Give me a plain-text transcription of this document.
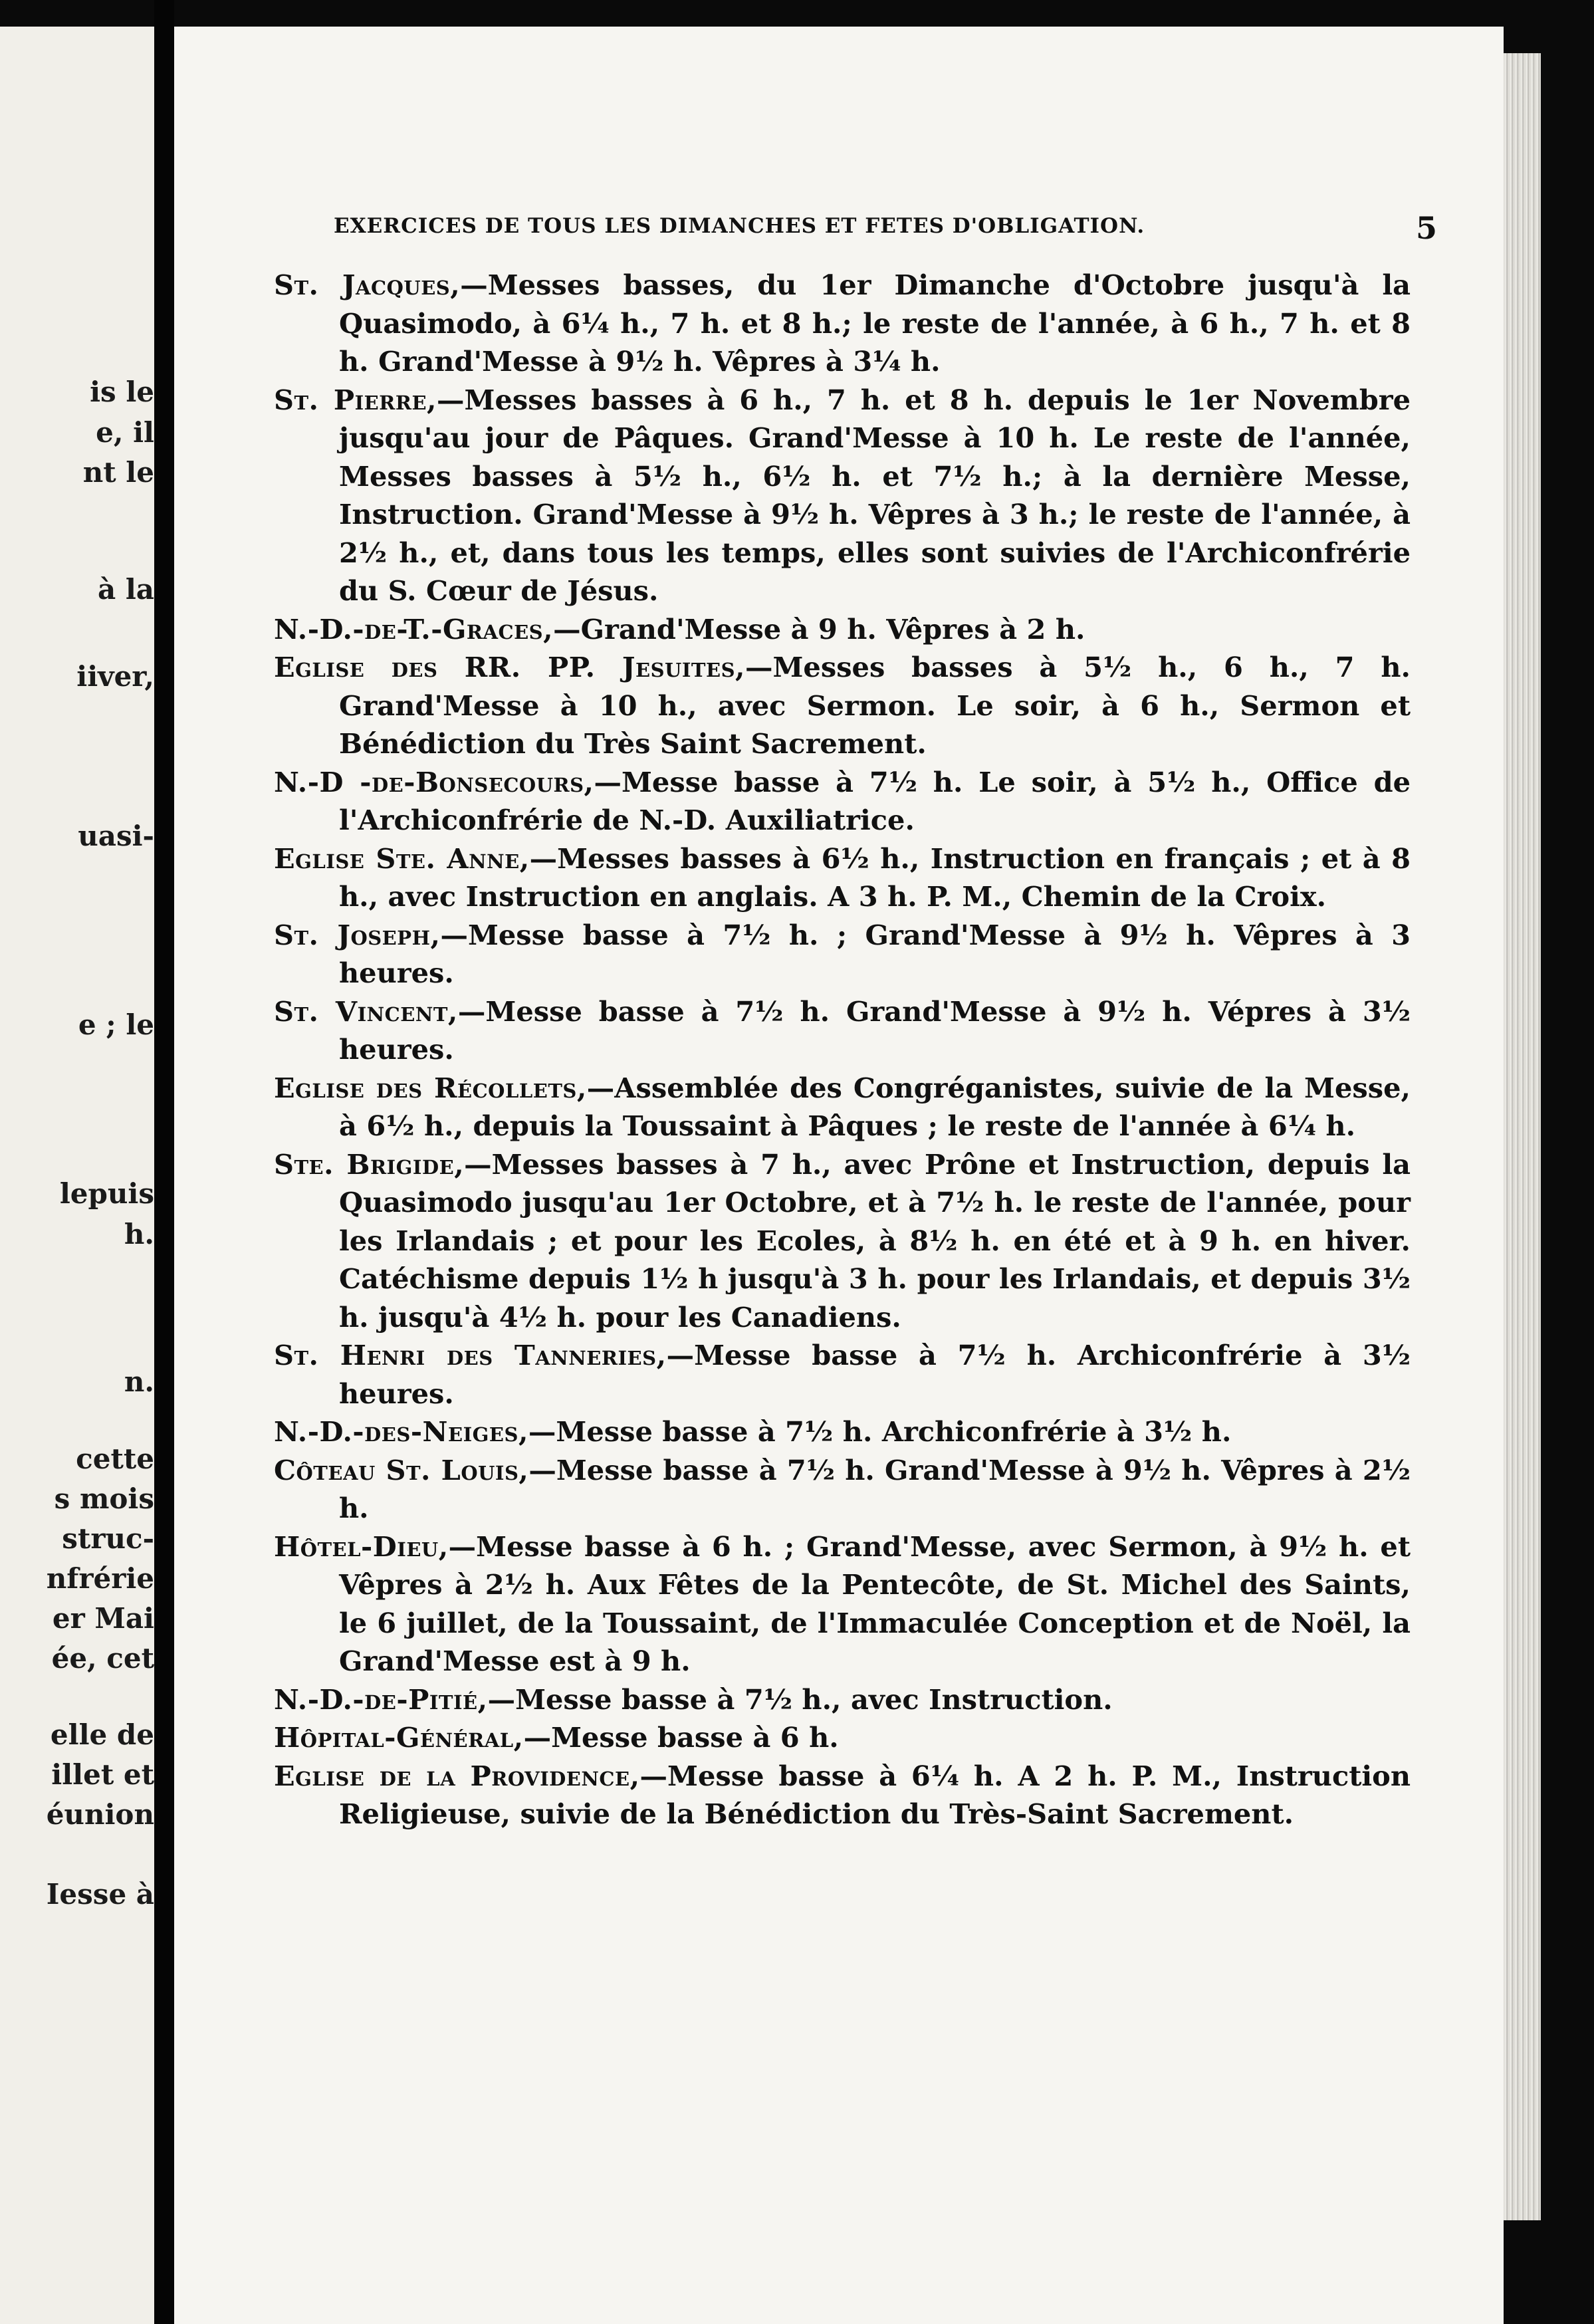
is le
e, il
nt le
à la
iiver,
uasi-
e ; le
lepuis
h.
n.
cette
s mois
struc-
nfrérie
er Mai
ée, cet
elle de
illet et
éunion
Iesse à
EXERCICES DE TOUS LES DIMANCHES ET FETES D'OBLIGATION.	5

St. Jacques,—Messes basses, du 1er Dimanche d'Octobre jusqu'à la Quasimodo, à 6¼ h., 7 h. et 8 h.; le reste de l'année, à 6 h., 7 h. et 8 h. Grand'Messe à 9½ h. Vêpres à 3¼ h.

St. Pierre,—Messes basses à 6 h., 7 h. et 8 h. depuis le 1er Novembre jusqu'au jour de Pâques. Grand'Messe à 10 h. Le reste de l'année, Messes basses à 5½ h., 6½ h. et 7½ h.; à la dernière Messe, Instruction. Grand'Messe à 9½ h. Vêpres à 3 h.; le reste de l'année, à 2½ h., et, dans tous les temps, elles sont suivies de l'Archiconfrérie du S. Cœur de Jésus.

N.-D.-de-T.-Graces,—Grand'Messe à 9 h. Vêpres à 2 h.

Eglise des RR. PP. Jesuites,—Messes basses à 5½ h., 6 h., 7 h. Grand'Messe à 10 h., avec Sermon. Le soir, à 6 h., Sermon et Bénédiction du Très Saint Sacrement.

N.-D -de-Bonsecours,—Messe basse à 7½ h. Le soir, à 5½ h., Office de l'Archiconfrérie de N.-D. Auxiliatrice.

Eglise Ste. Anne,—Messes basses à 6½ h., Instruction en français ; et à 8 h., avec Instruction en anglais. A 3 h. P. M., Chemin de la Croix.

St. Joseph,—Messe basse à 7½ h. ; Grand'Messe à 9½ h. Vêpres à 3 heures.

St. Vincent,—Messe basse à 7½ h. Grand'Messe à 9½ h. Vépres à 3½ heures.

Eglise des Récollets,—Assemblée des Congréganistes, suivie de la Messe, à 6½ h., depuis la Toussaint à Pâques ; le reste de l'année à 6¼ h.

Ste. Brigide,—Messes basses à 7 h., avec Prône et Instruction, depuis la Quasimodo jusqu'au 1er Octobre, et à 7½ h. le reste de l'année, pour les Irlandais ; et pour les Ecoles, à 8½ h. en été et à 9 h. en hiver. Catéchisme depuis 1½ h jusqu'à 3 h. pour les Irlandais, et depuis 3½ h. jusqu'à 4½ h. pour les Canadiens.

St. Henri des Tanneries,—Messe basse à 7½ h. Archiconfrérie à 3½ heures.

N.-D.-des-Neiges,—Messe basse à 7½ h. Archiconfrérie à 3½ h.

Côteau St. Louis,—Messe basse à 7½ h. Grand'Messe à 9½ h. Vêpres à 2½ h.

Hôtel-Dieu,—Messe basse à 6 h. ; Grand'Messe, avec Sermon, à 9½ h. et Vêpres à 2½ h. Aux Fêtes de la Pentecôte, de St. Michel des Saints, le 6 juillet, de la Toussaint, de l'Immaculée Conception et de Noël, la Grand'Messe est à 9 h.

N.-D.-de-Pitié,—Messe basse à 7½ h., avec Instruction.

Hôpital-Général,—Messe basse à 6 h.

Eglise de la Providence,—Messe basse à 6¼ h. A 2 h. P. M., Instruction Religieuse, suivie de la Bénédiction du Très-Saint Sacrement.
